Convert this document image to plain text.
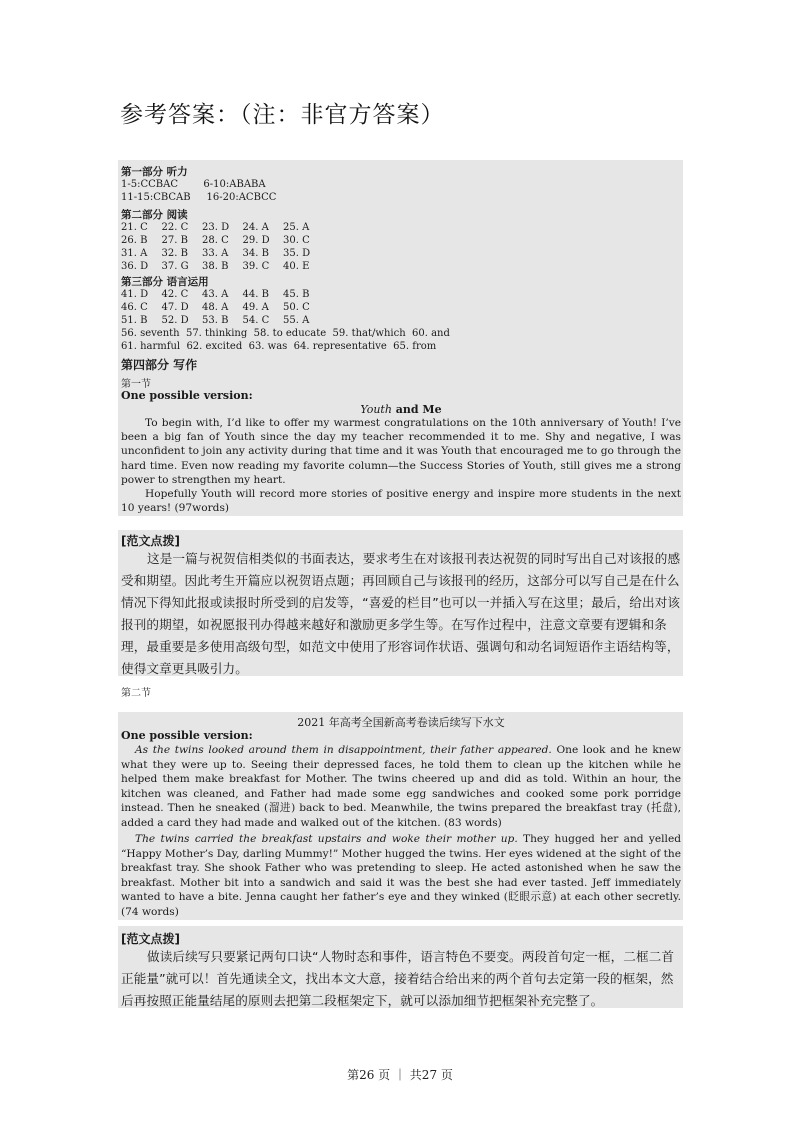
参考答案：（注：非官方答案）
第一部分 听力
1-5:CCBAC        6-10:ABABA
11-15:CBCAB     16-20:ACBCC
第二部分 阅读
21. C	22. C	23. D	24. A	25. A
26. B	27. B	28. C	29. D	30. C
31. A	32. B	33. A	34. B	35. D
36. D	37. G	38. B	39. C	40. E
第三部分 语言运用
41. D	42. C	43. A	44. B	45. B
46. C	47. D	48. A	49. A	50. C
51. B	52. D	53. B	54. C	55. A
56. seventh  57. thinking  58. to educate  59. that/which  60. and
61. harmful  62. excited  63. was  64. representative  65. from
第四部分 写作
第一节
One possible version:
Youth and Me

To begin with, I’d like to offer my warmest congratulations on the 10th anniversary of Youth! I’ve been a big fan of Youth since the day my teacher recommended it to me. Shy and negative, I was unconfident to join any activity during that time and it was Youth that encouraged me to go through the hard time. Even now reading my favorite column—the Success Stories of Youth, still gives me a strong power to strengthen my heart.

Hopefully Youth will record more stories of positive energy and inspire more students in the next 10 years! (97words)

[范文点拨]

这是一篇与祝贺信相类似的书面表达，要求考生在对该报刊表达祝贺的同时写出自己对该报的感受和期望。因此考生开篇应以祝贺语点题；再回顾自己与该报刊的经历，这部分可以写自己是在什么情况下得知此报或读报时所受到的启发等，“喜爱的栏目”也可以一并插入写在这里；最后，给出对该报刊的期望，如祝愿报刊办得越来越好和激励更多学生等。在写作过程中，注意文章要有逻辑和条理，最重要是多使用高级句型，如范文中使用了形容词作状语、强调句和动名词短语作主语结构等，使得文章更具吸引力。

第二节
2021 年高考全国新高考卷读后续写下水文
One possible version:

As the twins looked around them in disappointment, their father appeared. One look and he knew what they were up to. Seeing their depressed faces, he told them to clean up the kitchen while he helped them make breakfast for Mother. The twins cheered up and did as told. Within an hour, the kitchen was cleaned, and Father had made some egg sandwiches and cooked some pork porridge instead. Then he sneaked (溜进) back to bed. Meanwhile, the twins prepared the breakfast tray (托盘), added a card they had made and walked out of the kitchen. (83 words)

The twins carried the breakfast upstairs and woke their mother up. They hugged her and yelled “Happy Mother’s Day, darling Mummy!” Mother hugged the twins. Her eyes widened at the sight of the breakfast tray. She shook Father who was pretending to sleep. He acted astonished when he saw the breakfast. Mother bit into a sandwich and said it was the best she had ever tasted. Jeff immediately wanted to have a bite. Jenna caught her father’s eye and they winked (眨眼示意) at each other secretly. (74 words)

[范文点拨]

做读后续写只要紧记两句口诀“人物时态和事件，语言特色不要变。两段首句定一框，二框二首正能量”就可以！首先通读全文，找出本文大意，接着结合给出来的两个首句去定第一段的框架，然后再按照正能量结尾的原则去把第二段框架定下，就可以添加细节把框架补充完整了。

第26 页 ｜ 共27 页
